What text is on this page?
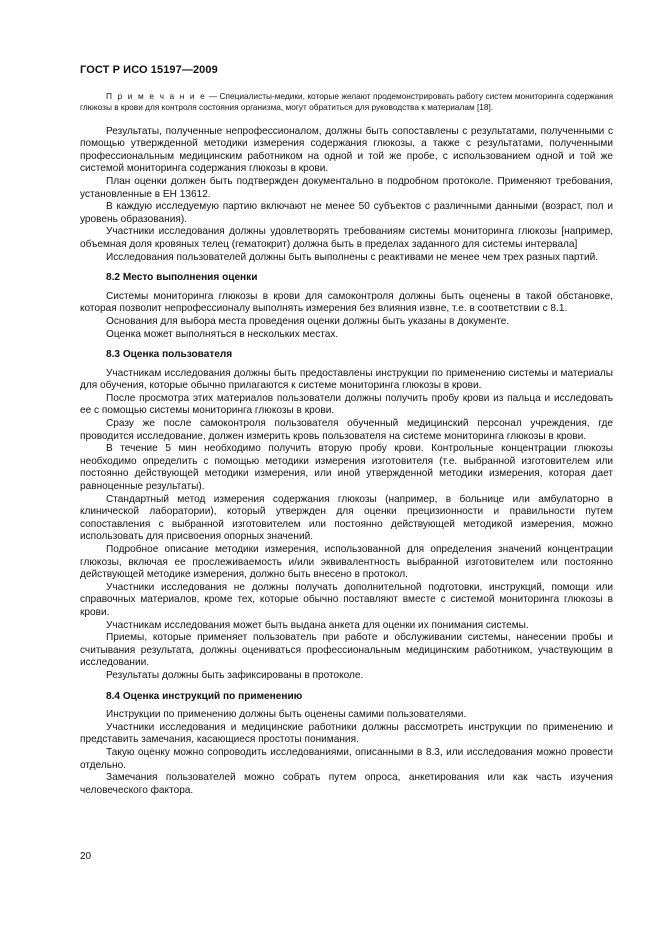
ГОСТ Р ИСО 15197—2009
П р и м е ч а н и е — Специалисты-медики, которые желают продемонстрировать работу систем мониторинга содержания глюкозы в крови для контроля состояния организма, могут обратиться для руководства к материалам [18].

Результаты, полученные непрофессионалом, должны быть сопоставлены с результатами, полученными с помощью утвержденной методики измерения содержания глюкозы, а также с результатами, полученными профессиональным медицинским работником на одной и той же пробе, с использованием одной и той же системой мониторинга содержания глюкозы в крови.

План оценки должен быть подтвержден документально в подробном протоколе. Применяют требования, установленные в ЕН 13612.

В каждую исследуемую партию включают не менее 50 субъектов с различными данными (возраст, пол и уровень образования).

Участники исследования должны удовлетворять требованиям системы мониторинга глюкозы [например, объемная доля кровяных телец (гематокрит) должна быть в пределах заданного для системы интервала]

Исследования пользователей должны быть выполнены с реактивами не менее чем трех разных партий.

8.2 Место выполнения оценки

Системы мониторинга глюкозы в крови для самоконтроля должны быть оценены в такой обстановке, которая позволит непрофессионалу выполнять измерения без влияния извне, т.е. в соответствии с 8.1.

Основания для выбора места проведения оценки должны быть указаны в документе.

Оценка может выполняться в нескольких местах.

8.3 Оценка пользователя

Участникам исследования должны быть предоставлены инструкции по применению системы и материалы для обучения, которые обычно прилагаются к системе мониторинга глюкозы в крови.

После просмотра этих материалов пользователи должны получить пробу крови из пальца и исследовать ее с помощью системы мониторинга глюкозы в крови.

Сразу же после самоконтроля пользователя обученный медицинский персонал учреждения, где проводится исследование, должен измерить кровь пользователя на системе мониторинга глюкозы в крови.

В течение 5 мин необходимо получить вторую пробу крови. Контрольные концентрации глюкозы необходимо определить с помощью методики измерения изготовителя (т.е. выбранной изготовителем или постоянно действующей методики измерения, или иной утвержденной методики измерения, которая дает равноценные результаты).

Стандартный метод измерения содержания глюкозы (например, в больнице или амбулаторно в клинической лаборатории), который утвержден для оценки прецизионности и правильности путем сопоставления с выбранной изготовителем или постоянно действующей методикой измерения, можно использовать для присвоения опорных значений.

Подробное описание методики измерения, использованной для определения значений концентрации глюкозы, включая ее прослеживаемость и/или эквивалентность выбранной изготовителем или постоянно действующей методике измерения, должно быть внесено в протокол.

Участники исследования не должны получать дополнительной подготовки, инструкций, помощи или справочных материалов, кроме тех, которые обычно поставляют вместе с системой мониторинга глюкозы в крови.

Участникам исследования может быть выдана анкета для оценки их понимания системы.

Приемы, которые применяет пользователь при работе и обслуживании системы, нанесении пробы и считывания результата, должны оцениваться профессиональным медицинским работником, участвующим в исследовании.

Результаты должны быть зафиксированы в протоколе.

8.4 Оценка инструкций по применению

Инструкции по применению должны быть оценены самими пользователями.

Участники исследования и медицинские работники должны рассмотреть инструкции по применению и представить замечания, касающиеся простоты понимания.

Такую оценку можно сопроводить исследованиями, описанными в 8.3, или исследования можно провести отдельно.

Замечания пользователей можно собрать путем опроса, анкетирования или как часть изучения человеческого фактора.

20
